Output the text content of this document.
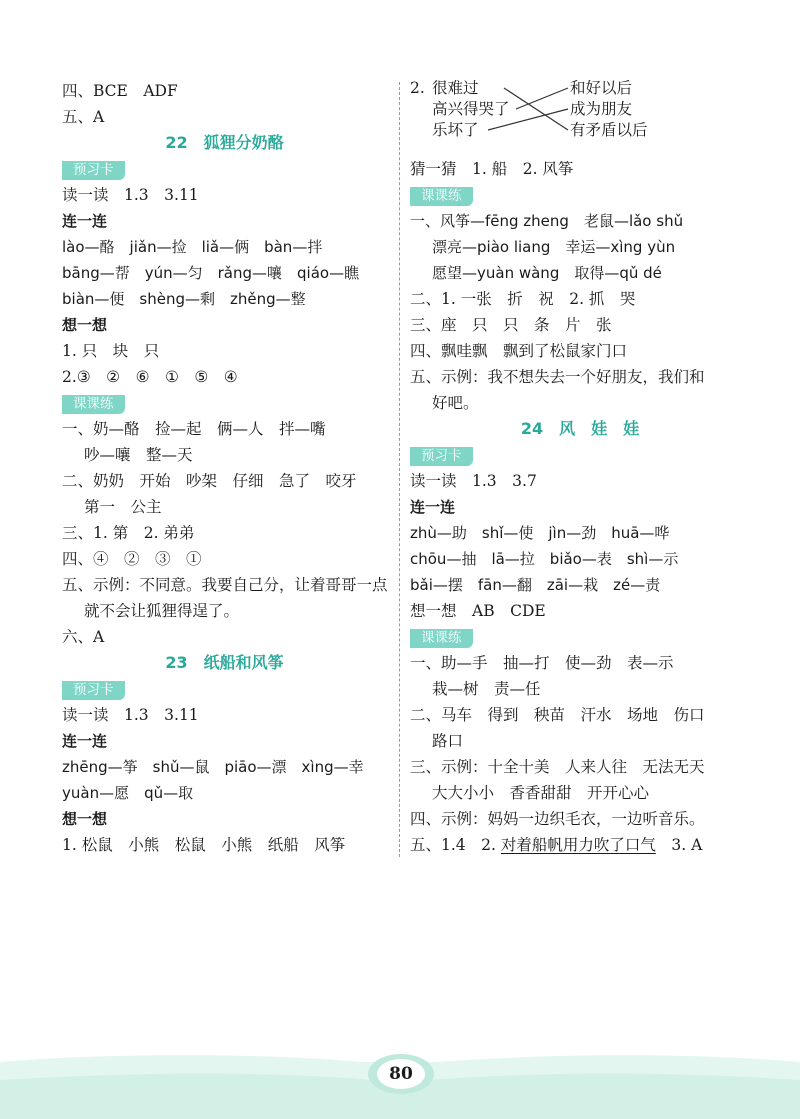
四、BCE　ADF
五、A
22　狐狸分奶酪
预习卡
读一读　1.3　3.11
连一连
lào—酪　jiǎn—捡　liǎ—俩　bàn—拌
bāng—帮　yún—匀　rǎng—嚷　qiáo—瞧
biàn—便　shèng—剩　zhěng—整
想一想
1. 只　块　只
2.③　②　⑥　①　⑤　④
课课练
一、奶—酪　捡—起　俩—人　拌—嘴
吵—嚷　整—天
二、奶奶　开始　吵架　仔细　急了　咬牙
第一　公主
三、1. 第　2. 弟弟
四、④　②　③　①
五、示例：不同意。我要自己分，让着哥哥一点
就不会让狐狸得逞了。
六、A
23　纸船和风筝
预习卡
读一读　1.3　3.11
连一连
zhēng—筝　shǔ—鼠　piāo—漂　xìng—幸
yuàn—愿　qǔ—取
想一想
1. 松鼠　小熊　松鼠　小熊　纸船　风筝
2. 很难过
高兴得哭了
乐坏了
和好以后
成为朋友
有矛盾以后
猜一猜　1. 船　2. 风筝
课课练
一、风筝—fēng zheng　老鼠—lǎo shǔ
漂亮—piào liang　幸运—xìng yùn
愿望—yuàn wàng　取得—qǔ dé
二、1. 一张　折　祝　2. 抓　哭
三、座　只　只　条　片　张
四、飘哇飘　飘到了松鼠家门口
五、示例：我不想失去一个好朋友，我们和
好吧。
24　风　娃　娃
预习卡
读一读　1.3　3.7
连一连
zhù—助　shǐ—使　jìn—劲　huā—哗
chōu—抽　lā—拉　biǎo—表　shì—示
bǎi—摆　fān—翻　zāi—栽　zé—责
想一想　AB　CDE
课课练
一、助—手　抽—打　使—劲　表—示
栽—树　责—任
二、马车　得到　秧苗　汗水　场地　伤口
路口
三、示例：十全十美　人来人往　无法无天
大大小小　香香甜甜　开开心心
四、示例：妈妈一边织毛衣，一边听音乐。
五、1.4　2. 对着船帆用力吹了口气　3. A
80
